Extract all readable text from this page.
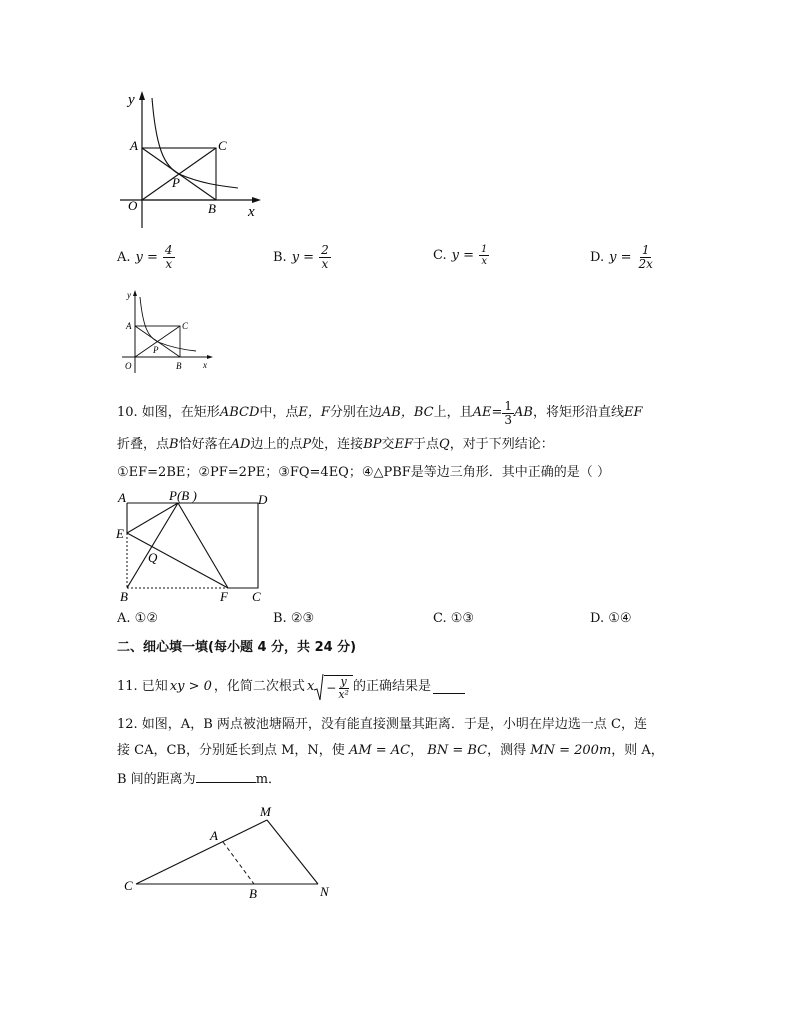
y
x
O
A
B
C
P
A. $y = \frac{4}{x}$	B. $y = \frac{2}{x}$	C. $y = \frac{1}{x}$	D. $y = \frac{1}{2x}$
y
x
O
A
B
C
P
10. 如图，在矩形 ABCD 中，点 E，F 分别在边 AB，BC 上，且 $AE= \frac{1}{3}$ AB ，将矩形沿直线 EF
折叠，点B恰好落在AD边上的点P处，连接BP交EF于点Q，对于下列结论：
①EF=2BE；②PF=2PE；③FQ=4EQ；④△PBF是等边三角形．其中正确的是（ ）
A	P(B )	D
E
Q
B	F C
A. ①②	B. ②③	C. ①③	D. ①④
二、细心填一填(每小题 4 分，共 24 分)
11. 已知 xy > 0 ，化简二次根式 $x - \frac{y}{\text{x²}}$ 的正确结果是
12. 如图，A，B 两点被池塘隔开，没有能直接测量其距离．于是，小明在岸边选一点 C，连
接 CA，CB，分别延长到点 M，N，使 AM = AC， BN = BC，测得 MN = 200m，则 A，
B 间的距离为	m．
M
A
C
B	N
